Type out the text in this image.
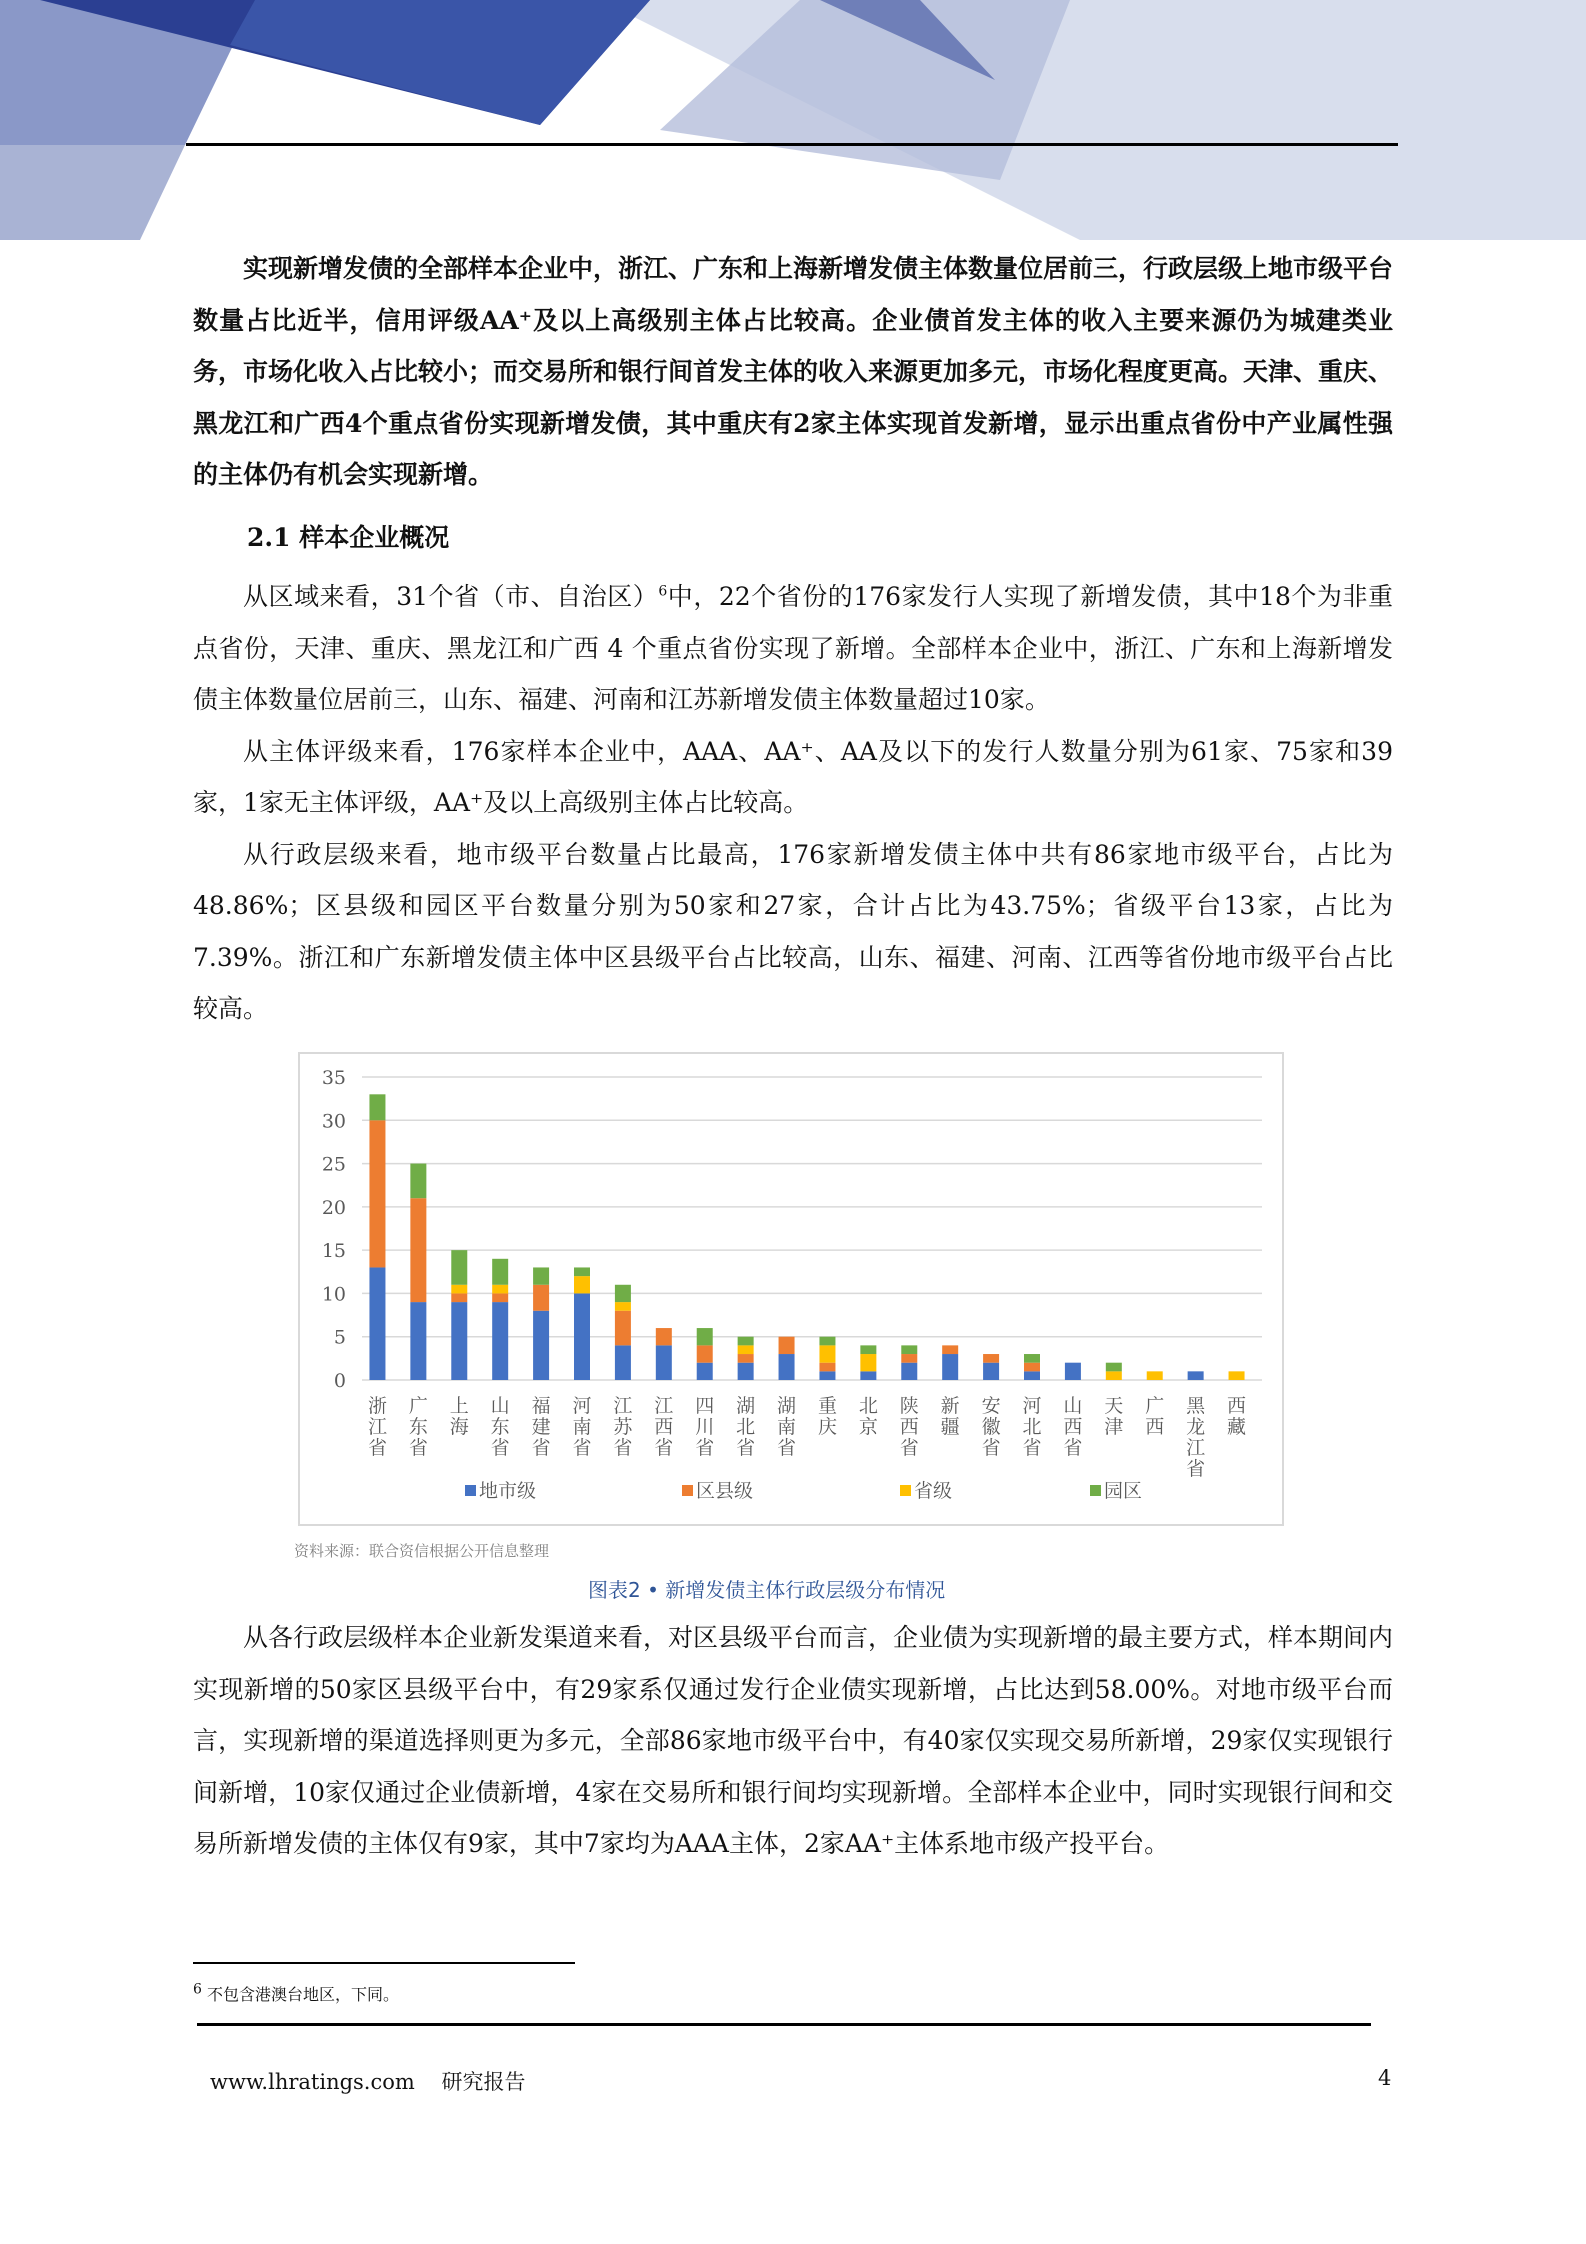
实现新增发债的全部样本企业中，浙江、广东和上海新增发债主体数量位居前三，行政层级上地市级平台数量占比近半，信用评级AA⁺及以上高级别主体占比较高。企业债首发主体的收入主要来源仍为城建类业务，市场化收入占比较小；而交易所和银行间首发主体的收入来源更加多元，市场化程度更高。天津、重庆、黑龙江和广西4个重点省份实现新增发债，其中重庆有2家主体实现首发新增，显示出重点省份中产业属性强的主体仍有机会实现新增。

2.1 样本企业概况

从区域来看，31个省（市、自治区）$^6$中，22个省份的176家发行人实现了新增发债，其中18个为非重点省份，天津、重庆、黑龙江和广西 4 个重点省份实现了新增。全部样本企业中，浙江、广东和上海新增发债主体数量位居前三，山东、福建、河南和江苏新增发债主体数量超过10家。

从主体评级来看，176家样本企业中，AAA、AA⁺、AA及以下的发行人数量分别为61家、75家和39家，1家无主体评级，AA⁺及以上高级别主体占比较高。

从行政层级来看，地市级平台数量占比最高，176家新增发债主体中共有86家地市级平台，占比为48.86%；区县级和园区平台数量分别为50家和27家，合计占比为43.75%；省级平台13家，占比为7.39%。浙江和广东新增发债主体中区县级平台占比较高，山东、福建、河南、江西等省份地市级平台占比较高。

0
5
10
15
20
25
30
35
浙
江
省
广
东
省
上
海
山
东
省
福
建
省
河
南
省
江
苏
省
江
西
省
四
川
省
湖
北
省
湖
南
省
重
庆
北
京
陕
西
省
新
疆
安
徽
省
河
北
省
山
西
省
天
津
广
西
黑
龙
江
省
西
藏
地市级	区县级	省级	园区
资料来源：联合资信根据公开信息整理
图表2 • 新增发债主体行政层级分布情况

从各行政层级样本企业新发渠道来看，对区县级平台而言，企业债为实现新增的最主要方式，样本期间内实现新增的50家区县级平台中，有29家系仅通过发行企业债实现新增，占比达到58.00%。对地市级平台而言，实现新增的渠道选择则更为多元，全部86家地市级平台中，有40家仅实现交易所新增，29家仅实现银行间新增，10家仅通过企业债新增，4家在交易所和银行间均实现新增。全部样本企业中，同时实现银行间和交易所新增发债的主体仅有9家，其中7家均为AAA主体，2家AA⁺主体系地市级产投平台。

$^6$ 不包含港澳台地区，下同。
www.lhratings.com    研究报告	4
